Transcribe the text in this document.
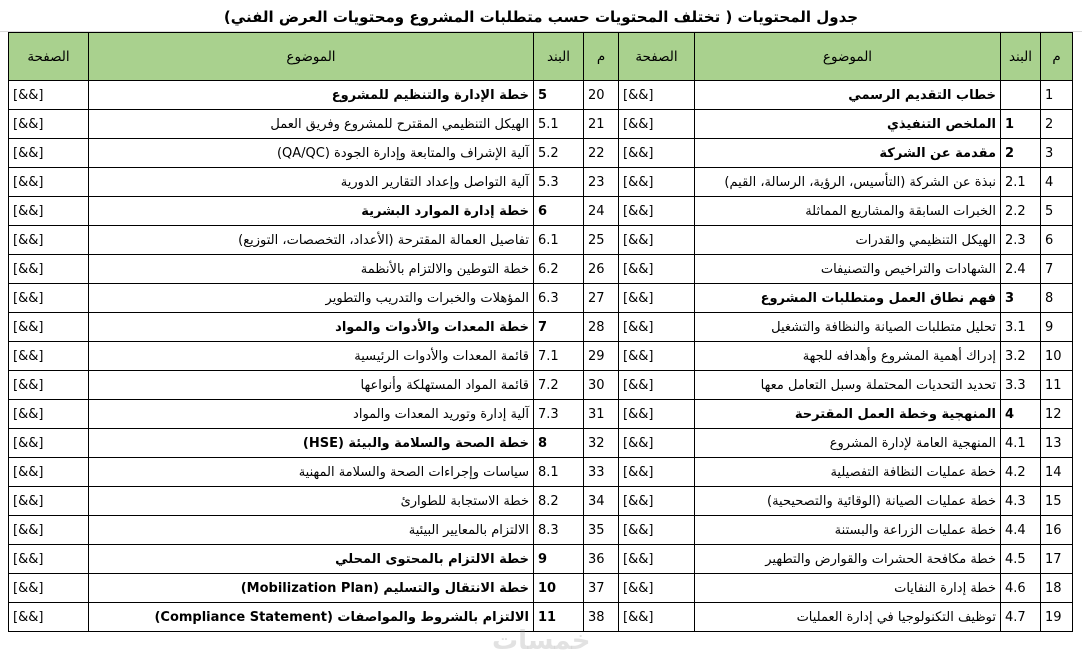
جدول المحتويات ( تختلف المحتويات حسب متطلبات المشروع ومحتويات العرض الفني)
م	البند	الموضوع	الصفحة	م	البند	الموضوع	الصفحة
1		خطاب التقديم الرسمي	[&&]	20	5	خطة الإدارة والتنظيم للمشروع	[&&]
2	1	الملخص التنفيذي	[&&]	21	5.1	الهيكل التنظيمي المقترح للمشروع وفريق العمل	[&&]
3	2	مقدمة عن الشركة	[&&]	22	5.2	آلية الإشراف والمتابعة وإدارة الجودة (QA/QC)	[&&]
4	2.1	نبذة عن الشركة (التأسيس، الرؤية، الرسالة، القيم)	[&&]	23	5.3	آلية التواصل وإعداد التقارير الدورية	[&&]
5	2.2	الخبرات السابقة والمشاريع المماثلة	[&&]	24	6	خطة إدارة الموارد البشرية	[&&]
6	2.3	الهيكل التنظيمي والقدرات	[&&]	25	6.1	تفاصيل العمالة المقترحة (الأعداد، التخصصات، التوزيع)	[&&]
7	2.4	الشهادات والتراخيص والتصنيفات	[&&]	26	6.2	خطة التوطين والالتزام بالأنظمة	[&&]
8	3	فهم نطاق العمل ومتطلبات المشروع	[&&]	27	6.3	المؤهلات والخبرات والتدريب والتطوير	[&&]
9	3.1	تحليل متطلبات الصيانة والنظافة والتشغيل	[&&]	28	7	خطة المعدات والأدوات والمواد	[&&]
10	3.2	إدراك أهمية المشروع وأهدافه للجهة	[&&]	29	7.1	قائمة المعدات والأدوات الرئيسية	[&&]
11	3.3	تحديد التحديات المحتملة وسبل التعامل معها	[&&]	30	7.2	قائمة المواد المستهلكة وأنواعها	[&&]
12	4	المنهجية وخطة العمل المقترحة	[&&]	31	7.3	آلية إدارة وتوريد المعدات والمواد	[&&]
13	4.1	المنهجية العامة لإدارة المشروع	[&&]	32	8	خطة الصحة والسلامة والبيئة (HSE)	[&&]
14	4.2	خطة عمليات النظافة التفصيلية	[&&]	33	8.1	سياسات وإجراءات الصحة والسلامة المهنية	[&&]
15	4.3	خطة عمليات الصيانة (الوقائية والتصحيحية)	[&&]	34	8.2	خطة الاستجابة للطوارئ	[&&]
16	4.4	خطة عمليات الزراعة والبستنة	[&&]	35	8.3	الالتزام بالمعايير البيئية	[&&]
17	4.5	خطة مكافحة الحشرات والقوارض والتطهير	[&&]	36	9	خطة الالتزام بالمحتوى المحلي	[&&]
18	4.6	خطة إدارة النفايات	[&&]	37	10	خطة الانتقال والتسليم (Mobilization Plan)	[&&]
19	4.7	توظيف التكنولوجيا في إدارة العمليات	[&&]	38	11	الالتزام بالشروط والمواصفات (Compliance Statement)	[&&]
خمسات
